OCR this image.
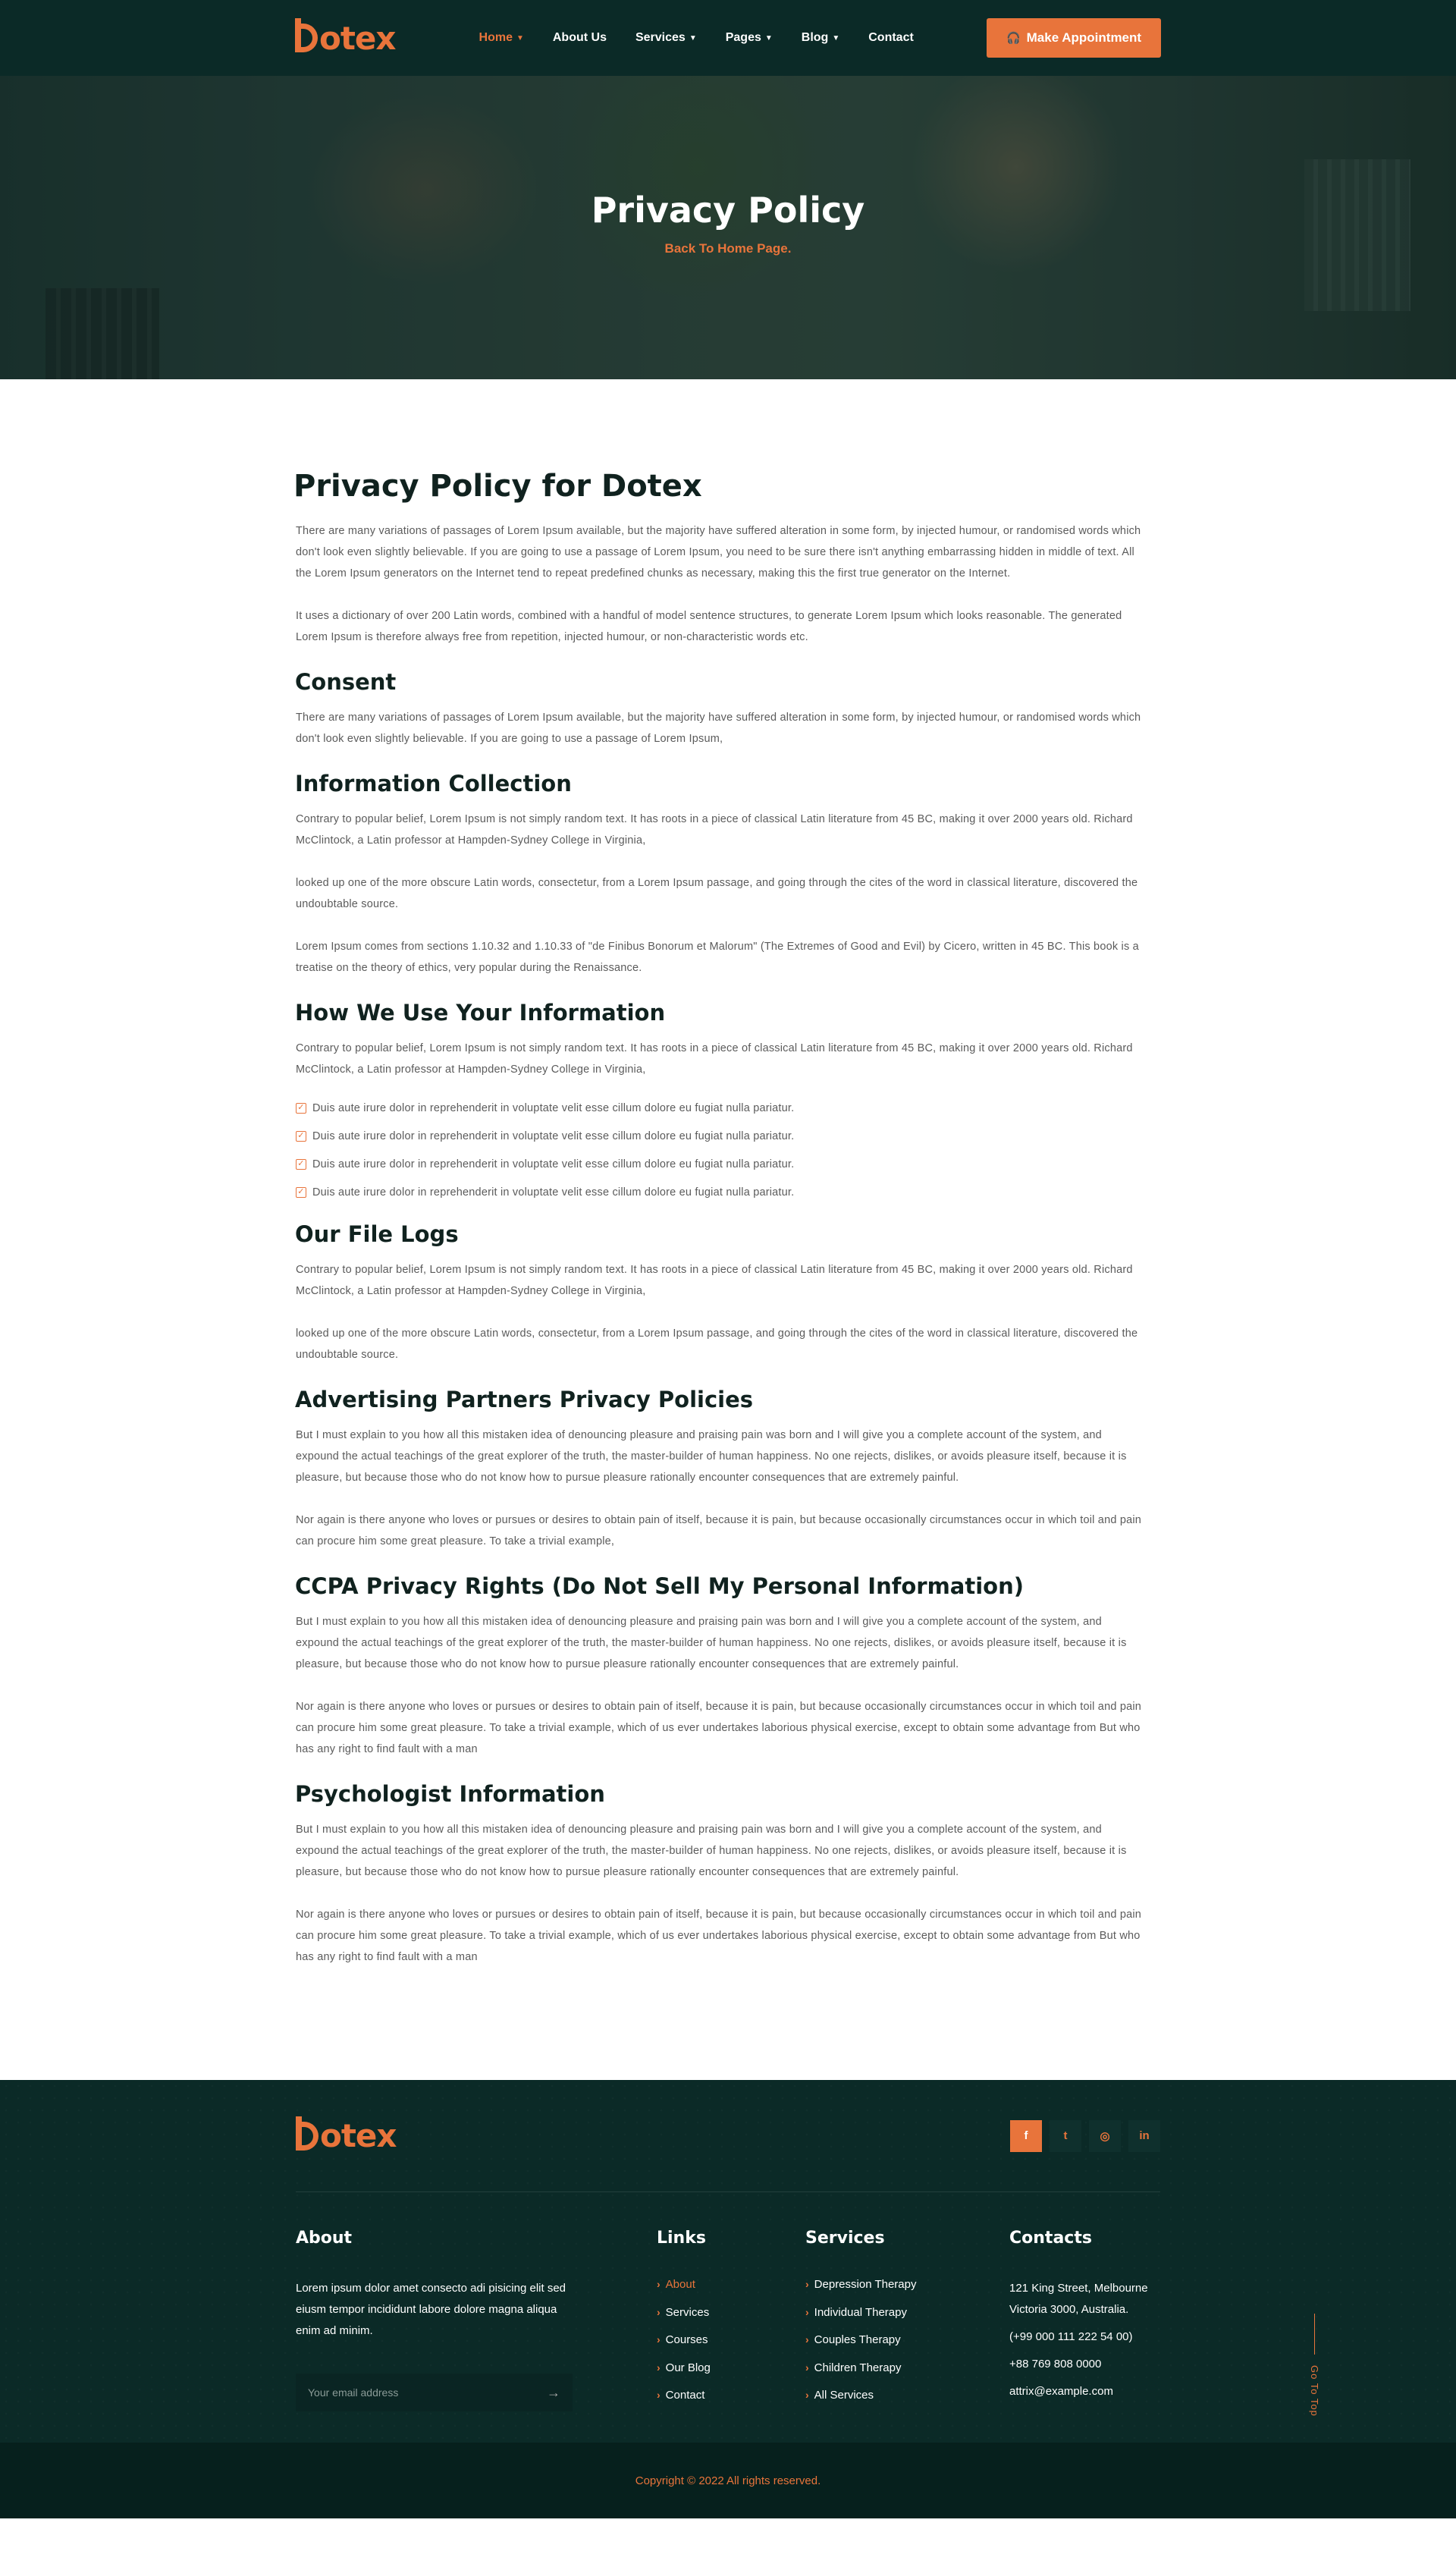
otex	Home ▼ About Us Services ▼ Pages ▼ Blog ▼ Contact	🎧 Make Appointment
Privacy Policy
Back To Home Page.
Privacy Policy for Dotex

There are many variations of passages of Lorem Ipsum available, but the majority have suffered alteration in some form, by injected humour, or randomised words which don't look even slightly believable. If you are going to use a passage of Lorem Ipsum, you need to be sure there isn't anything embarrassing hidden in middle of text. All the Lorem Ipsum generators on the Internet tend to repeat predefined chunks as necessary, making this the first true generator on the Internet.

It uses a dictionary of over 200 Latin words, combined with a handful of model sentence structures, to generate Lorem Ipsum which looks reasonable. The generated Lorem Ipsum is therefore always free from repetition, injected humour, or non-characteristic words etc.

Consent

There are many variations of passages of Lorem Ipsum available, but the majority have suffered alteration in some form, by injected humour, or randomised words which don't look even slightly believable. If you are going to use a passage of Lorem Ipsum,

Information Collection

Contrary to popular belief, Lorem Ipsum is not simply random text. It has roots in a piece of classical Latin literature from 45 BC, making it over 2000 years old. Richard McClintock, a Latin professor at Hampden-Sydney College in Virginia,

looked up one of the more obscure Latin words, consectetur, from a Lorem Ipsum passage, and going through the cites of the word in classical literature, discovered the undoubtable source.

Lorem Ipsum comes from sections 1.10.32 and 1.10.33 of "de Finibus Bonorum et Malorum" (The Extremes of Good and Evil) by Cicero, written in 45 BC. This book is a treatise on the theory of ethics, very popular during the Renaissance.

How We Use Your Information

Contrary to popular belief, Lorem Ipsum is not simply random text. It has roots in a piece of classical Latin literature from 45 BC, making it over 2000 years old. Richard McClintock, a Latin professor at Hampden-Sydney College in Virginia,

✓ Duis aute irure dolor in reprehenderit in voluptate velit esse cillum dolore eu fugiat nulla pariatur.
✓ Duis aute irure dolor in reprehenderit in voluptate velit esse cillum dolore eu fugiat nulla pariatur.
✓ Duis aute irure dolor in reprehenderit in voluptate velit esse cillum dolore eu fugiat nulla pariatur.
✓ Duis aute irure dolor in reprehenderit in voluptate velit esse cillum dolore eu fugiat nulla pariatur.
Our File Logs

Contrary to popular belief, Lorem Ipsum is not simply random text. It has roots in a piece of classical Latin literature from 45 BC, making it over 2000 years old. Richard McClintock, a Latin professor at Hampden-Sydney College in Virginia,

looked up one of the more obscure Latin words, consectetur, from a Lorem Ipsum passage, and going through the cites of the word in classical literature, discovered the undoubtable source.

Advertising Partners Privacy Policies

But I must explain to you how all this mistaken idea of denouncing pleasure and praising pain was born and I will give you a complete account of the system, and expound the actual teachings of the great explorer of the truth, the master-builder of human happiness. No one rejects, dislikes, or avoids pleasure itself, because it is pleasure, but because those who do not know how to pursue pleasure rationally encounter consequences that are extremely painful.

Nor again is there anyone who loves or pursues or desires to obtain pain of itself, because it is pain, but because occasionally circumstances occur in which toil and pain can procure him some great pleasure. To take a trivial example,

CCPA Privacy Rights (Do Not Sell My Personal Information)

But I must explain to you how all this mistaken idea of denouncing pleasure and praising pain was born and I will give you a complete account of the system, and expound the actual teachings of the great explorer of the truth, the master-builder of human happiness. No one rejects, dislikes, or avoids pleasure itself, because it is pleasure, but because those who do not know how to pursue pleasure rationally encounter consequences that are extremely painful.

Nor again is there anyone who loves or pursues or desires to obtain pain of itself, because it is pain, but because occasionally circumstances occur in which toil and pain can procure him some great pleasure. To take a trivial example, which of us ever undertakes laborious physical exercise, except to obtain some advantage from But who has any right to find fault with a man

Psychologist Information

But I must explain to you how all this mistaken idea of denouncing pleasure and praising pain was born and I will give you a complete account of the system, and expound the actual teachings of the great explorer of the truth, the master-builder of human happiness. No one rejects, dislikes, or avoids pleasure itself, because it is pleasure, but because those who do not know how to pursue pleasure rationally encounter consequences that are extremely painful.

Nor again is there anyone who loves or pursues or desires to obtain pain of itself, because it is pain, but because occasionally circumstances occur in which toil and pain can procure him some great pleasure. To take a trivial example, which of us ever undertakes laborious physical exercise, except to obtain some advantage from But who has any right to find fault with a man

otex	f	t	◎	in
About

Lorem ipsum dolor amet consecto adi pisicing elit sed eiusm tempor incididunt labore dolore magna aliqua enim ad minim.

Your email address
→
Links
› About
› Services
› Courses
› Our Blog
› Contact
Services
› Depression Therapy
› Individual Therapy
› Couples Therapy
› Children Therapy
› All Services
Contacts

121 King Street, Melbourne Victoria 3000, Australia.

(+99 000 111 222 54 00)

+88 769 808 0000

attrix@example.com	Go To Top
Copyright © 2022 All rights reserved.
